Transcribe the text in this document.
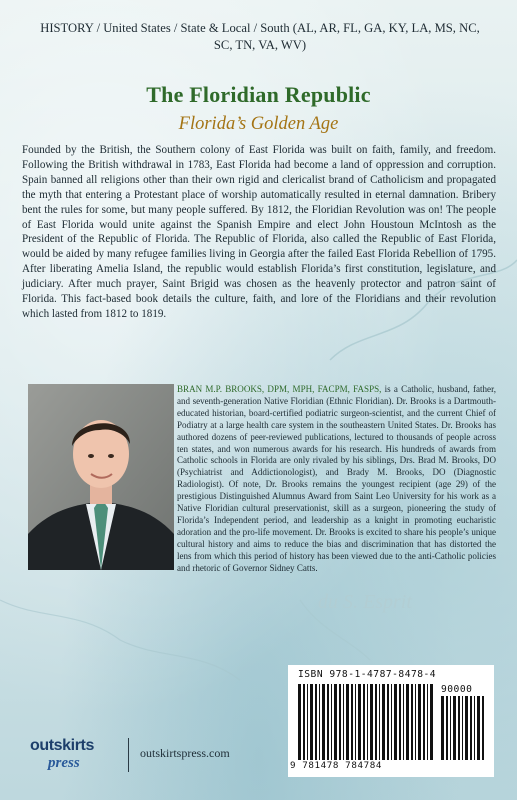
du S. Esprit
HISTORY / United States / State & Local / South (AL, AR, FL, GA, KY, LA, MS, NC, SC, TN, VA, WV)
The Floridian Republic
Florida’s Golden Age
Founded by the British, the Southern colony of East Florida was built on faith, family, and freedom. Following the British withdrawal in 1783, East Florida had become a land of oppression and corruption. Spain banned all religions other than their own rigid and clericalist brand of Catholicism and propagated the myth that entering a Protestant place of worship automatically resulted in eternal damnation. Bribery bent the rules for some, but many people suffered. By 1812, the Floridian Revolution was on! The people of East Florida would unite against the Spanish Empire and elect John Houstoun McIntosh as the President of the Republic of Florida. The Republic of Florida, also called the Republic of East Florida, would be aided by many refugee families living in Georgia after the failed East Florida Rebellion of 1795. After liberating Amelia Island, the republic would establish Florida’s first constitution, legislature, and judiciary. After much prayer, Saint Brigid was chosen as the heavenly protector and patron saint of Florida. This fact-based book details the culture, faith, and lore of the Floridians and their revolution which lasted from 1812 to 1819.
BRAN M.P. BROOKS, DPM, MPH, FACPM, FASPS, is a Catholic, husband, father, and seventh-generation Native Floridian (Ethnic Floridian). Dr. Brooks is a Dartmouth-educated historian, board-certified podiatric surgeon-scientist, and the current Chief of Podiatry at a large health care system in the southeastern United States. Dr. Brooks has authored dozens of peer-reviewed publications, lectured to thousands of people across ten states, and won numerous awards for his research. His hundreds of awards from Catholic schools in Florida are only rivaled by his siblings, Drs. Brad M. Brooks, DO (Psychiatrist and Addictionologist), and Brady M. Brooks, DO (Diagnostic Radiologist). Of note, Dr. Brooks remains the youngest recipient (age 29) of the prestigious Distinguished Alumnus Award from Saint Leo University for his work as a Native Floridian cultural preservationist, skill as a surgeon, pioneering the study of Florida’s Independent period, and leadership as a knight in promoting eucharistic adoration and the pro-life movement. Dr. Brooks is excited to share his people’s unique cultural history and aims to reduce the bias and discrimination that has distorted the lens from which this period of history has been viewed due to the anti-Catholic policies and rhetoric of Governor Sidney Catts.
ISBN 978-1-4787-8478-4
90000
9 781478 784784
outskirts
press
outskirtspress.com
